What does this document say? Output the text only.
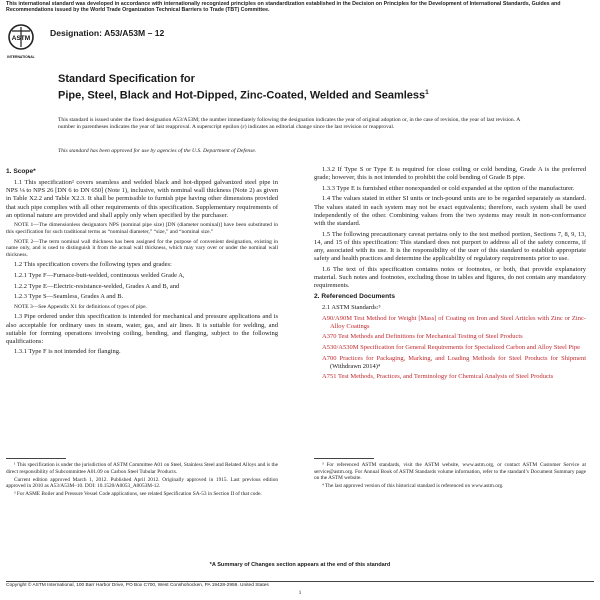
This international standard was developed in accordance with internationally recognized principles on standardization established in the Decision on Principles for the Development of International Standards, Guides and Recommendations issued by the World Trade Organization Technical Barriers to Trade (TBT) Committee.
ASTM
INTERNATIONAL
Designation: A53/A53M – 12
Standard Specification for
Pipe, Steel, Black and Hot-Dipped, Zinc-Coated, Welded and Seamless$^1$
This standard is issued under the fixed designation A53/A53M; the number immediately following the designation indicates the year of original adoption or, in the case of revision, the year of last revision. A number in parentheses indicates the year of last reapproval. A superscript epsilon (ε) indicates an editorial change since the last revision or reapproval.
This standard has been approved for use by agencies of the U.S. Department of Defense.

1. Scope*

1.1 This specification² covers seamless and welded black and hot-dipped galvanized steel pipe in NPS ⅛ to NPS 26 [DN 6 to DN 650] (Note 1), inclusive, with nominal wall thickness (Note 2) as given in Table X2.2 and Table X2.3. It shall be permissible to furnish pipe having other dimensions provided that such pipe complies with all other requirements of this specification. Supplementary requirements of an optional nature are provided and shall apply only when specified by the purchaser.

NOTE 1—The dimensionless designators NPS (nominal pipe size) [DN (diameter nominal)] have been substituted in this specification for such traditional terms as “nominal diameter,” “size,” and “nominal size.”

NOTE 2—The term nominal wall thickness has been assigned for the purpose of convenient designation, existing in name only, and is used to distinguish it from the actual wall thickness, which may vary over or under the nominal wall thickness.

1.2 This specification covers the following types and grades:

1.2.1 Type F—Furnace-butt-welded, continuous welded Grade A,

1.2.2 Type E—Electric-resistance-welded, Grades A and B, and

1.2.3 Type S—Seamless, Grades A and B.

NOTE 3—See Appendix X1 for definitions of types of pipe.

1.3 Pipe ordered under this specification is intended for mechanical and pressure applications and is also acceptable for ordinary uses in steam, water, gas, and air lines. It is suitable for welding, and suitable for forming operations involving coiling, bending, and flanging, subject to the following qualifications:

1.3.1 Type F is not intended for flanging.

1.3.2 If Type S or Type E is required for close coiling or cold bending, Grade A is the preferred grade; however, this is not intended to prohibit the cold bending of Grade B pipe.

1.3.3 Type E is furnished either nonexpanded or cold expanded at the option of the manufacturer.

1.4 The values stated in either SI units or inch-pound units are to be regarded separately as standard. The values stated in each system may not be exact equivalents; therefore, each system shall be used independently of the other. Combining values from the two systems may result in non-conformance with the standard.

1.5 The following precautionary caveat pertains only to the test method portion, Sections 7, 8, 9, 13, 14, and 15 of this specification: This standard does not purport to address all of the safety concerns, if any, associated with its use. It is the responsibility of the user of this standard to establish appropriate safety and health practices and determine the applicability of regulatory requirements prior to use.

1.6 The text of this specification contains notes or footnotes, or both, that provide explanatory material. Such notes and footnotes, excluding those in tables and figures, do not contain any mandatory requirements.

2. Referenced Documents

2.1 ASTM Standards:³

A90/A90M Test Method for Weight [Mass] of Coating on Iron and Steel Articles with Zinc or Zinc-Alloy Coatings

A370 Test Methods and Definitions for Mechanical Testing of Steel Products

A530/A530M Specification for General Requirements for Specialized Carbon and Alloy Steel Pipe

A700 Practices for Packaging, Marking, and Loading Methods for Steel Products for Shipment (Withdrawn 2014)⁴

A751 Test Methods, Practices, and Terminology for Chemical Analysis of Steel Products

¹ This specification is under the jurisdiction of ASTM Committee A01 on Steel, Stainless Steel and Related Alloys and is the direct responsibility of Subcommittee A01.09 on Carbon Steel Tubular Products.

Current edition approved March 1, 2012. Published April 2012. Originally approved in 1915. Last previous edition approved in 2010 as A53/A53M–10. DOI: 10.1520/A0053_A0053M-12.

² For ASME Boiler and Pressure Vessel Code applications, see related Specification SA-53 in Section II of that code.

³ For referenced ASTM standards, visit the ASTM website, www.astm.org, or contact ASTM Customer Service at service@astm.org. For Annual Book of ASTM Standards volume information, refer to the standard’s Document Summary page on the ASTM website.

⁴ The last approved version of this historical standard is referenced on www.astm.org.

*A Summary of Changes section appears at the end of this standard
Copyright © ASTM International, 100 Barr Harbor Drive, PO Box C700, West Conshohocken, PA 19428-2959. United States
1
